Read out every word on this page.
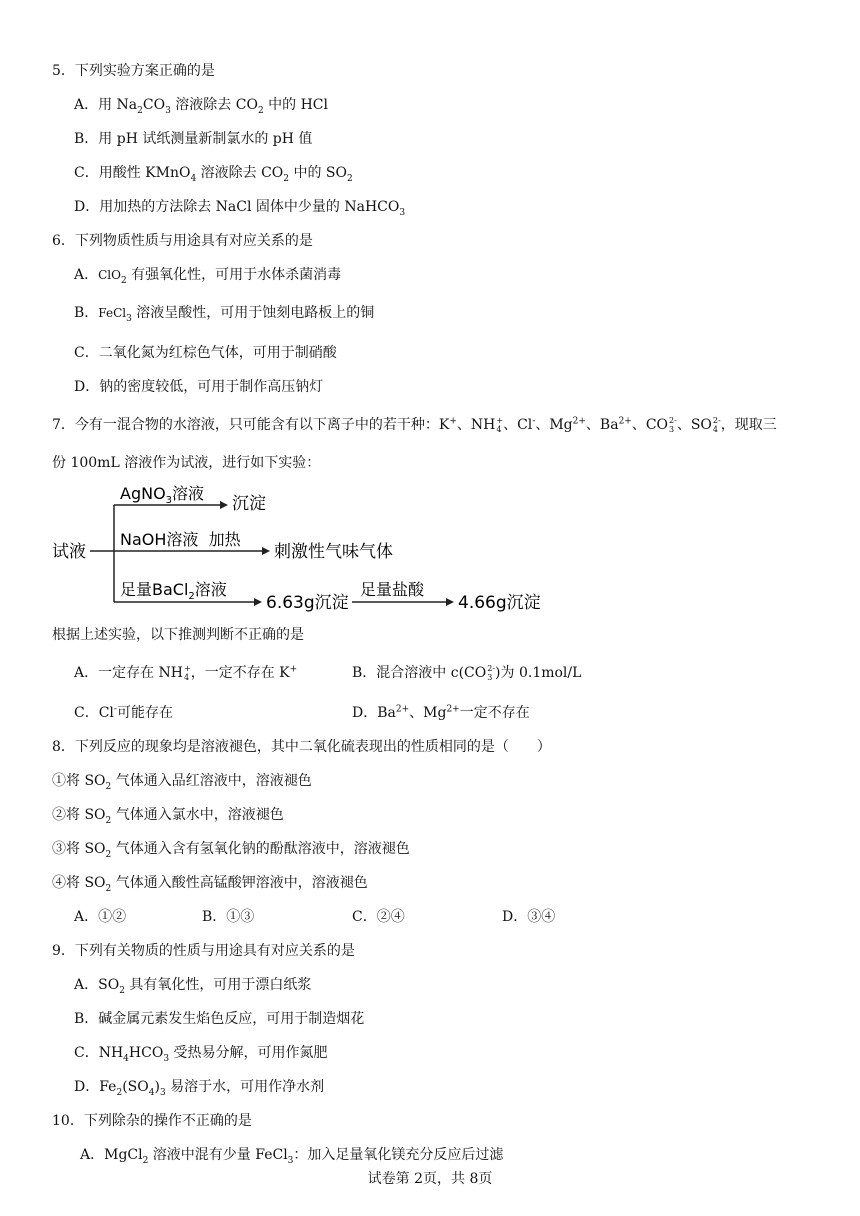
5．下列实验方案正确的是
A．用 $Na_2CO_3$ 溶液除去 $CO_2$ 中的 HCl
B．用 pH 试纸测量新制氯水的 pH 值
C．用酸性 KMnO$_4$ 溶液除去 $CO_2$ 中的 $SO_2$
D．用加热的方法除去 NaCl 固体中少量的 NaHCO$_3$
6．下列物质性质与用途具有对应关系的是
A．ClO$_2$ 有强氧化性，可用于水体杀菌消毒
B．FeCl$_3$ 溶液呈酸性，可用于蚀刻电路板上的铜
C．二氧化氮为红棕色气体，可用于制硝酸
D．钠的密度较低，可用于制作高压钠灯
7．今有一混合物的水溶液，只可能含有以下离子中的若干种：K+、NH +
4 、Cl-、$Mg^{2+}$、$Ba^{2+}$、CO 2-
3 、SO 2-
4 ，现取三
份 100mL 溶液作为试液，进行如下实验：
试液
AgNO$_3$溶液
沉淀
NaOH溶液  加热
刺激性气味气体
足量BaCl$_2$溶液
6.63g沉淀
足量盐酸
4.66g沉淀
根据上述实验，以下推测判断不正确的是
A．一定存在 NH +
4 ，一定不存在 K+	B．混合溶液中 c(CO 2-
3 )为 0.1mol/L
C．Cl-可能存在	D．$Ba^{2+}$、$Mg^{2+}$一定不存在
8．下列反应的现象均是溶液褪色，其中二氧化硫表现出的性质相同的是（　　）
①将 $SO_2$ 气体通入品红溶液中，溶液褪色
②将 $SO_2$ 气体通入氯水中，溶液褪色
③将 $SO_2$ 气体通入含有氢氧化钠的酚酞溶液中，溶液褪色
④将 $SO_2$ 气体通入酸性高锰酸钾溶液中，溶液褪色
A．①②	B．①③	C．②④	D．③④
9．下列有关物质的性质与用途具有对应关系的是
A．$SO_2$ 具有氧化性，可用于漂白纸浆
B．碱金属元素发生焰色反应，可用于制造烟花
C．$NH_4HCO_3$ 受热易分解，可用作氮肥
D．$Fe_2(SO_4)_3$ 易溶于水，可用作净水剂
10．下列除杂的操作不正确的是
A．MgCl$_2$ 溶液中混有少量 FeCl$_3$：加入足量氧化镁充分反应后过滤
试卷第 2页，共 8页
